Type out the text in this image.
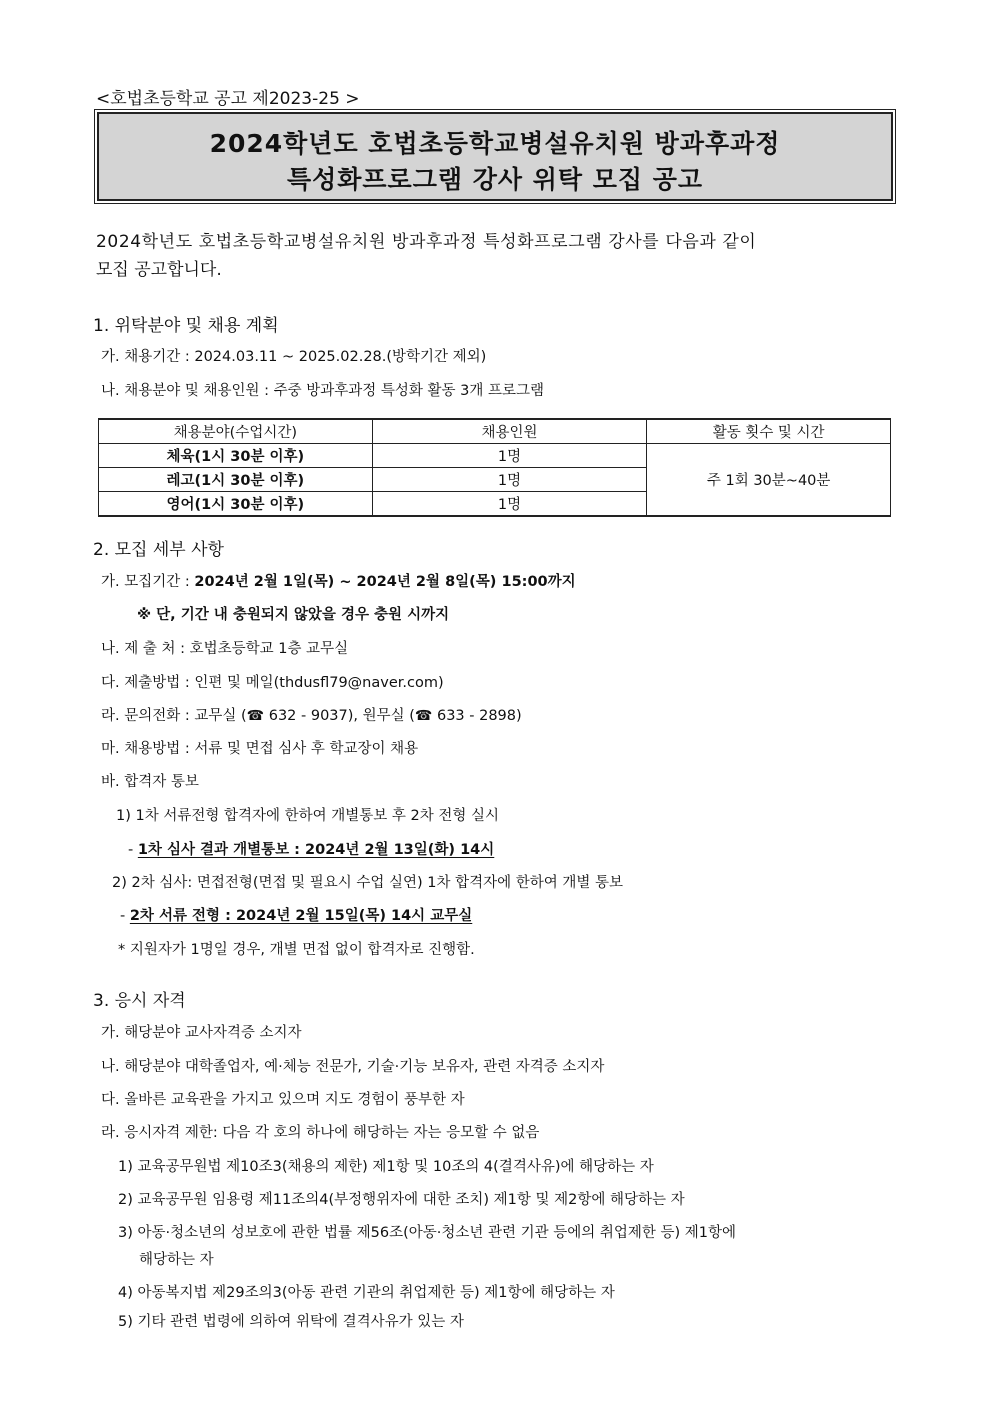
<호법초등학교 공고 제2023-25 >
2024학년도 호법초등학교병설유치원 방과후과정
특성화프로그램 강사 위탁 모집 공고
2024학년도 호법초등학교병설유치원 방과후과정 특성화프로그램 강사를 다음과 같이
모집 공고합니다.
1. 위탁분야 및 채용 계획
가. 채용기간 : 2024.03.11 ~ 2025.02.28.(방학기간 제외)
나. 채용분야 및 채용인원 : 주중 방과후과정 특성화 활동 3개 프로그램
채용분야(수업시간)	채용인원	활동 횟수 및 시간
체육(1시 30분 이후)	1명	주 1회 30분~40분
레고(1시 30분 이후)	1명	
영어(1시 30분 이후)	1명	
2. 모집 세부 사항
가. 모집기간 : 2024년 2월 1일(목) ~ 2024년 2월 8일(목) 15:00까지
※ 단, 기간 내 충원되지 않았을 경우 충원 시까지
나. 제 출 처 : 호법초등학교 1층 교무실
다. 제출방법 : 인편 및 메일(thdusfl79@naver.com)
라. 문의전화 : 교무실 (☎ 632 - 9037), 원무실 (☎ 633 - 2898)
마. 채용방법 : 서류 및 면접 심사 후 학교장이 채용
바. 합격자 통보
1) 1차 서류전형 합격자에 한하여 개별통보 후 2차 전형 실시
- 1차 심사 결과 개별통보 : 2024년 2월 13일(화) 14시
2) 2차 심사: 면접전형(면접 및 필요시 수업 실연) 1차 합격자에 한하여 개별 통보
- 2차 서류 전형 : 2024년 2월 15일(목) 14시 교무실
* 지원자가 1명일 경우, 개별 면접 없이 합격자로 진행함.
3. 응시 자격
가. 해당분야 교사자격증 소지자
나. 해당분야 대학졸업자, 예·체능 전문가, 기술·기능 보유자, 관련 자격증 소지자
다. 올바른 교육관을 가지고 있으며 지도 경험이 풍부한 자
라. 응시자격 제한: 다음 각 호의 하나에 해당하는 자는 응모할 수 없음
1) 교육공무원법 제10조3(채용의 제한) 제1항 및 10조의 4(결격사유)에 해당하는 자
2) 교육공무원 임용령 제11조의4(부정행위자에 대한 조치) 제1항 및 제2항에 해당하는 자
3) 아동·청소년의 성보호에 관한 법률 제56조(아동·청소년 관련 기관 등에의 취업제한 등) 제1항에
해당하는 자
4) 아동복지법 제29조의3(아동 관련 기관의 취업제한 등) 제1항에 해당하는 자
5) 기타 관련 법령에 의하여 위탁에 결격사유가 있는 자
